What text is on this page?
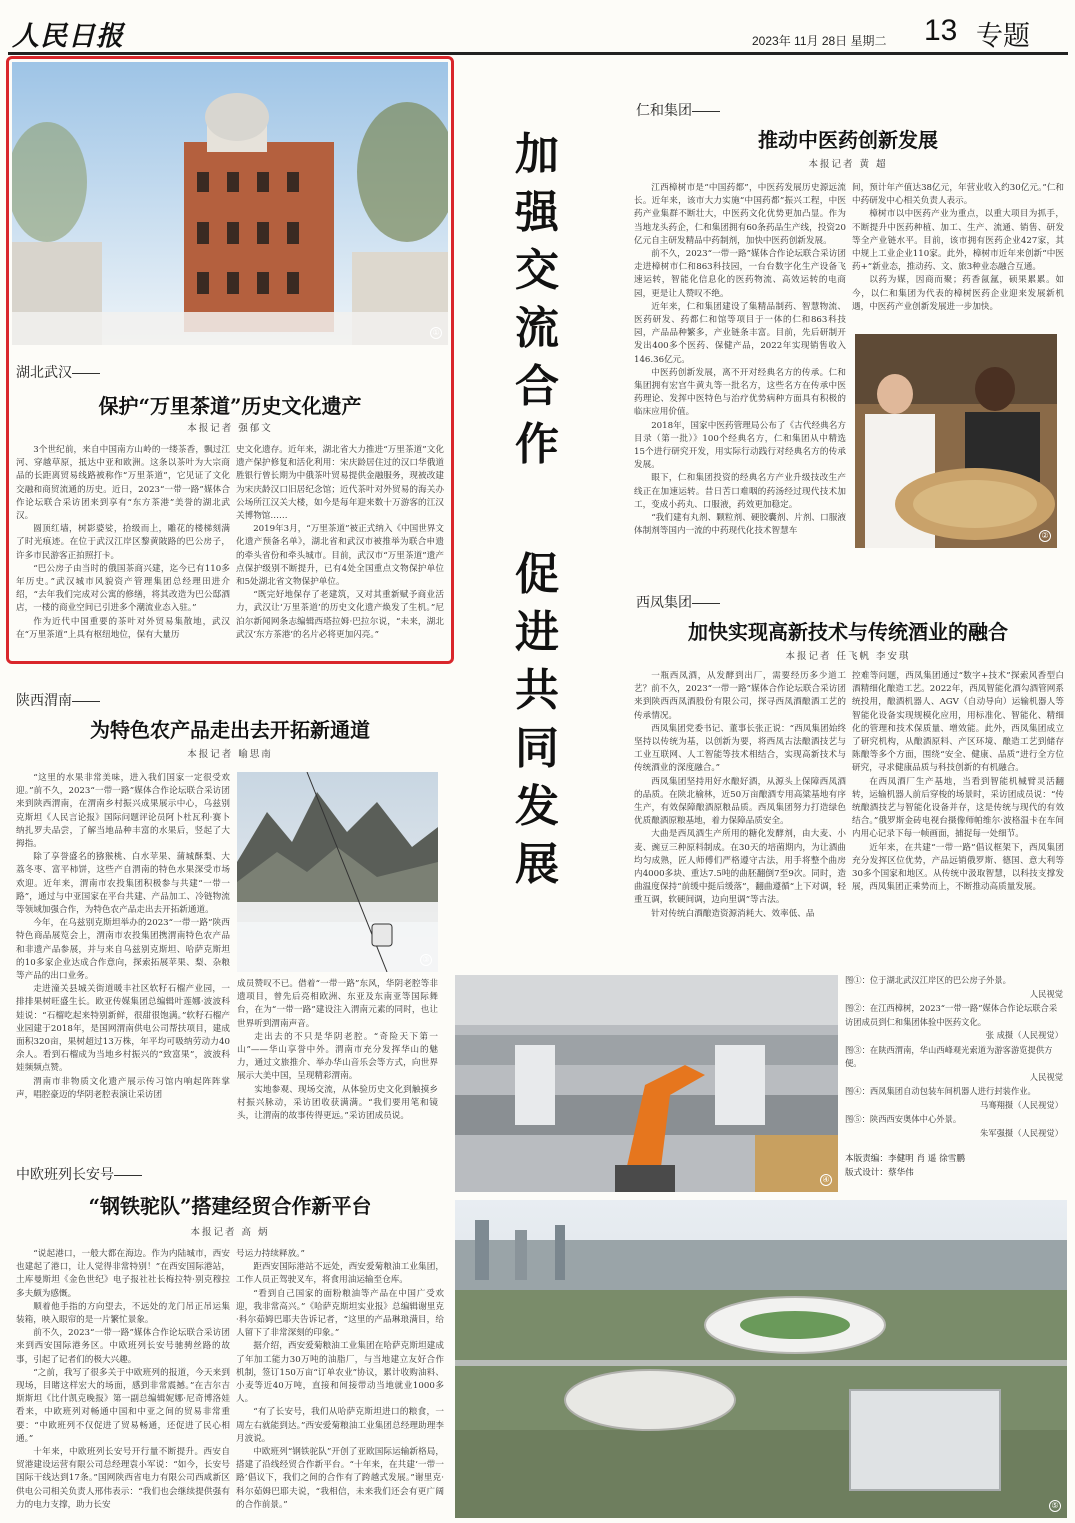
人民日报	2023年 11月 28日 星期二 13 专题
①
湖北武汉——
保护“万里茶道”历史文化遗产
本报记者 强郁文

3个世纪前，来自中国南方山岭的一缕茶香，飘过江河、穿越草原，抵达中亚和欧洲。这条以茶叶为大宗商品的长距离贸易线路被称作“万里茶道”，它见证了文化交融和商贸流通的历史。近日，2023“一带一路”媒体合作论坛联合采访团来到享有“东方茶港”美誉的湖北武汉。

圆顶红墙，树影婆娑，拾级而上，雕花的楼梯刻满了时光痕迹。在位于武汉江岸区黎黄陂路的巴公房子，许多市民游客正拍照打卡。

“巴公房子由当时的俄国茶商兴建，迄今已有110多年历史。”武汉城市风貌资产管理集团总经理田进介绍，“去年我们完成对公寓的修缮，将其改造为巴公邸酒店，一楼的商业空间已引进多个潮流业态入驻。”

作为近代中国重要的茶叶对外贸易集散地，武汉在“万里茶道”上具有枢纽地位，保有大量历

史文化遗存。近年来，湖北省大力推进“万里茶道”文化遗产保护修复和活化利用：宋庆龄居住过的汉口华俄道胜银行曾长期为中俄茶叶贸易提供金融服务，现被改建为宋庆龄汉口旧居纪念馆；近代茶叶对外贸易的海关办公场所江汉关大楼，如今是每年迎来数十万游客的江汉关博物馆……

2019年3月，“万里茶道”被正式纳入《中国世界文化遗产预备名单》，湖北省和武汉市被推举为联合申遗的牵头省份和牵头城市。目前，武汉市“万里茶道”遗产点保护级别不断提升，已有4处全国重点文物保护单位和5处湖北省文物保护单位。

“既完好地保存了老建筑，又对其重新赋予商业活力，武汉让‘万里茶道’的历史文化遗产焕发了生机。”尼泊尔新闻网条志编辑西塔拉姆·巴拉尔说，“未来，湖北武汉‘东方茶港’的名片必将更加闪亮。”

加强交流合作
促进共同发展
仁和集团——
推动中医药创新发展
本报记者 黄 超

江西樟树市是“中国药都”，中医药发展历史源远流长。近年来，该市大力实施“中国药都”振兴工程，中医药产业集群不断壮大，中医药文化优势更加凸显。作为当地龙头药企，仁和集团拥有60条药品生产线，投资20亿元自主研发精品中药制剂，加快中医药创新发展。

前不久，2023“一带一路”媒体合作论坛联合采访团走进樟树市仁和863科技园，一台台数字化生产设备飞速运转，智能化信息化的医药物流、高效运转的电商园，更是让人赞叹不绝。

近年来，仁和集团建设了集精品制药、智慧物流、医药研发、药都仁和馆等项目于一体的仁和863科技园，产品品种繁多，产业链条丰富。目前，先后研制开发出400多个医药、保健产品，2022年实现销售收入146.36亿元。

中医药创新发展，离不开对经典名方的传承。仁和集团拥有宏宫牛黄丸等一批名方，这些名方在传承中医药理论、发挥中医特色与治疗优势病种方面具有积极的临床应用价值。

2018年，国家中医药管理局公布了《古代经典名方目录（第一批）》100个经典名方，仁和集团从中精选15个进行研究开发，用实际行动践行对经典名方的传承发展。

眼下，仁和集团投资的经典名方产业升级技改生产线正在加速运转。昔日苦口难咽的药汤经过现代技术加工，变成小药丸、口服液，药效更加稳定。

“我们建有丸剂、颗粒剂、硬胶囊剂、片剂、口服液体制剂等国内一流的中药现代化技术智慧车

间，预计年产值达38亿元，年营业收入约30亿元。”仁和中药研发中心相关负责人表示。

樟树市以中医药产业为重点，以重大项目为抓手，不断提升中医药种植、加工、生产、流通、销售、研发等全产业链水平。目前，该市拥有医药企业427家，其中规上工业企业110家。此外，樟树市近年来创新“中医药+”新业态，推动药、文、旅3种业态融合互通。

以药为媒，因商而聚；药香氤氲，硕果累累。如今，以仁和集团为代表的樟树医药企业迎来发展新机遇，中医药产业创新发展进一步加快。

②
西凤集团——
加快实现高新技术与传统酒业的融合
本报记者 任飞帆 李安琪

一瓶西凤酒，从发酵到出厂，需要经历多少道工艺？前不久，2023“一带一路”媒体合作论坛联合采访团来到陕西西凤酒股份有限公司，探寻西凤酒酿酒工艺的传承情况。

西凤集团党委书记、董事长张正说：“西凤集团始终坚持以传统为基，以创新为要，将西凤古法酿酒技艺与工业互联网、人工智能等技术相结合，实现高新技术与传统酒业的深度融合。”

西凤集团坚持用好水酿好酒，从源头上保障西凤酒的品质。在陕北榆林，近50万亩酿酒专用高粱基地有序生产，有效保障酿酒原粮品质。西凤集团努力打造绿色优质酿酒原粮基地，着力保障品质安全。

大曲是西凤酒生产所用的糖化发酵剂，由大麦、小麦、豌豆三种原料制成。在30天的培菌期内，为让酒曲均匀成熟，匠人师傅们严格遵守古法，用手将整个曲房内4000多块、重达7.5吨的曲胚翻倒7至9次。同时，造曲温度保持“前缓中挺后缓落”，翻曲遵循“上下对调，轻重互调，软硬间调，边向里调”等古法。

针对传统白酒酿造资源消耗大、效率低、品

控难等问题，西凤集团通过“数字+技术”探索风香型白酒精细化酿造工艺。2022年，西凤智能化酒勾酒管网系统投用，酿酒机器人、AGV（自动导向）运输机器人等智能化设备实现规模化应用，用标准化、智能化、精细化的管理和技术保质量、增效能。此外，西凤集团成立了研究机构，从酿酒原料、产区环境、酿造工艺到储存陈酿等多个方面，围绕“安全、健康、品质”进行全方位研究，寻求健康品质与科技创新的有机融合。

在西凤酒厂生产基地，当看到智能机械臂灵活翻转，运输机器人前后穿梭的场景时，采访团成员说：“传统酿酒技艺与智能化设备并存，这是传统与现代的有效结合。”俄罗斯金砖电视台摄像师帕维尔·波格温卡在车间内用心记录下每一帧画面，捕捉每一处细节。

近年来，在共建“一带一路”倡议框架下，西凤集团充分发挥区位优势，产品远销俄罗斯、德国、意大利等30多个国家和地区。从传统中汲取智慧，以科技支撑发展，西凤集团正乘势而上，不断推动高质量发展。

陕西渭南——
为特色农产品走出去开拓新通道
本报记者 喻思南

“这里的水果非常美味，进入我们国家一定很受欢迎。”前不久，2023“一带一路”媒体合作论坛联合采访团来到陕西渭南，在渭南乡村振兴成果展示中心，乌兹别克斯坦《人民言论报》国际问题评论员阿卜杜瓦利·赛卜纳扎罗夫品尝，了解当地品种丰富的水果后，竖起了大拇指。

除了享誉盛名的猕猴桃、白水苹果、蒲城酥梨、大荔冬枣、富平柿饼，这些产自渭南的特色水果深受市场欢迎。近年来，渭南市农投集团积极参与共建“一带一路”，通过与中亚国家在平台共建、产品加工、冷链物流等领域加强合作，为特色农产品走出去开拓新通道。

今年，在乌兹别克斯坦举办的2023“一带一路”陕西特色商品展览会上，渭南市农投集团携渭南特色农产品和非遗产品参展，并与来自乌兹别克斯坦、哈萨克斯坦的10多家企业达成合作意向，探索拓展苹果、梨、杂粮等产品的出口业务。

走进潼关县城关街道暖丰社区软籽石榴产业园，一排排果树旺盛生长。欧亚传媒集团总编辑叶莲娜·波波科娃说：“石榴吃起来特别新鲜，很甜很饱满。”软籽石榴产业园建于2018年，是国网渭南供电公司帮扶项目，建成面积320亩，果树超过13万株，年平均可吸纳劳动力40余人。看到石榴成为当地乡村振兴的“致富果”，波波科娃频频点赞。

渭南市非物质文化遗产展示传习馆内响起阵阵掌声，唱腔豪迈的华阴老腔表演让采访团

③

成员赞叹不已。借着“一带一路”东风，华阴老腔等非遗项目，曾先后亮相欧洲、东亚及东南亚等国际舞台，在为“一带一路”建设注入渭南元素的同时，也让世界听到渭南声音。

走出去的不只是华阴老腔。“奇险天下第一山”——华山享誉中外。渭南市充分发挥华山的魅力，通过文旅推介、举办华山音乐会等方式，向世界展示大美中国，呈现精彩渭南。

实地参观、现场交流，从体验历史文化到触摸乡村振兴脉动，采访团收获满满。“我们要用笔和镜头，让渭南的故事传得更远。”采访团成员说。

④

图①：位于湖北武汉江岸区的巴公房子外景。
人民视觉

图②：在江西樟树，2023“一带一路”媒体合作论坛联合采访团成员到仁和集团体验中医药文化。
张 成摄（人民视觉）

图③：在陕西渭南，华山西峰观光索道为游客游览提供方便。
人民视觉

图④：西凤集团自动包装车间机器人进行封装作业。
马骞翔摄（人民视觉）

图⑤：陕西西安奥体中心外景。
朱军强摄（人民视觉）

本版责编：李健明 肖 遥 徐雪鹏
版式设计：蔡华伟
中欧班列长安号——
“钢铁驼队”搭建经贸合作新平台
本报记者 高 炳

“说起港口，一般大都在海边。作为内陆城市，西安也建起了港口，让人觉得非常特别！”在西安国际港站，土库曼斯坦《金色世纪》电子报社社长梅拉特·别克穆拉多夫颇为感慨。

顺着他手指的方向望去，不远处的龙门吊正吊运集装箱，映入眼帘的是一片繁忙景象。

前不久，2023“一带一路”媒体合作论坛联合采访团来到西安国际港务区。中欧班列长安号驰骋丝路的故事，引起了记者们的极大兴趣。

“之前，我写了很多关于中欧班列的报道，今天来到现场，目睹这样宏大的场面，感到非常震撼。”在吉尔吉斯斯坦《比什凯克晚报》第一副总编辑妮娜·尼奇博洛娃看来，中欧班列对畅通中国和中亚之间的贸易非常重要：“中欧班列不仅促进了贸易畅通，还促进了民心相通。”

十年来，中欧班列长安号开行量不断提升。西安自贸港建设运营有限公司总经理袁小军说：“如今，长安号国际干线达到17条。”国网陕西省电力有限公司西咸新区供电公司相关负责人邢伟表示：“我们也会继续提供强有力的电力支撑，助力长安

号运力持续释放。”

距西安国际港站不远处，西安爱菊粮油工业集团，工作人员正驾驶叉车，将食用油运输至仓库。

“看到自己国家的面粉粮油等产品在中国广受欢迎，我非常高兴。”《哈萨克斯坦实业报》总编辑谢里克·科尔茹姆巴耶夫告诉记者，“这里的产品琳琅满目，给人留下了非常深刻的印象。”

据介绍，西安爱菊粮油工业集团在哈萨克斯坦建成了年加工能力30万吨的油脂厂，与当地建立友好合作机制，签订150万亩“订单农业”协议，累计收购油料、小麦等近40万吨，直接和间接带动当地就业1000多人。

“有了长安号，我们从哈萨克斯坦进口的粮食，一周左右就能到达。”西安爱菊粮油工业集团总经理助理李月波说。

中欧班列“钢铁驼队”开创了亚欧国际运输新格局，搭建了沿线经贸合作新平台。“十年来，在共建‘一带一路’倡议下，我们之间的合作有了跨越式发展。”谢里克·科尔茹姆巴耶夫说，“我相信，未来我们还会有更广阔的合作前景。”	⑤
